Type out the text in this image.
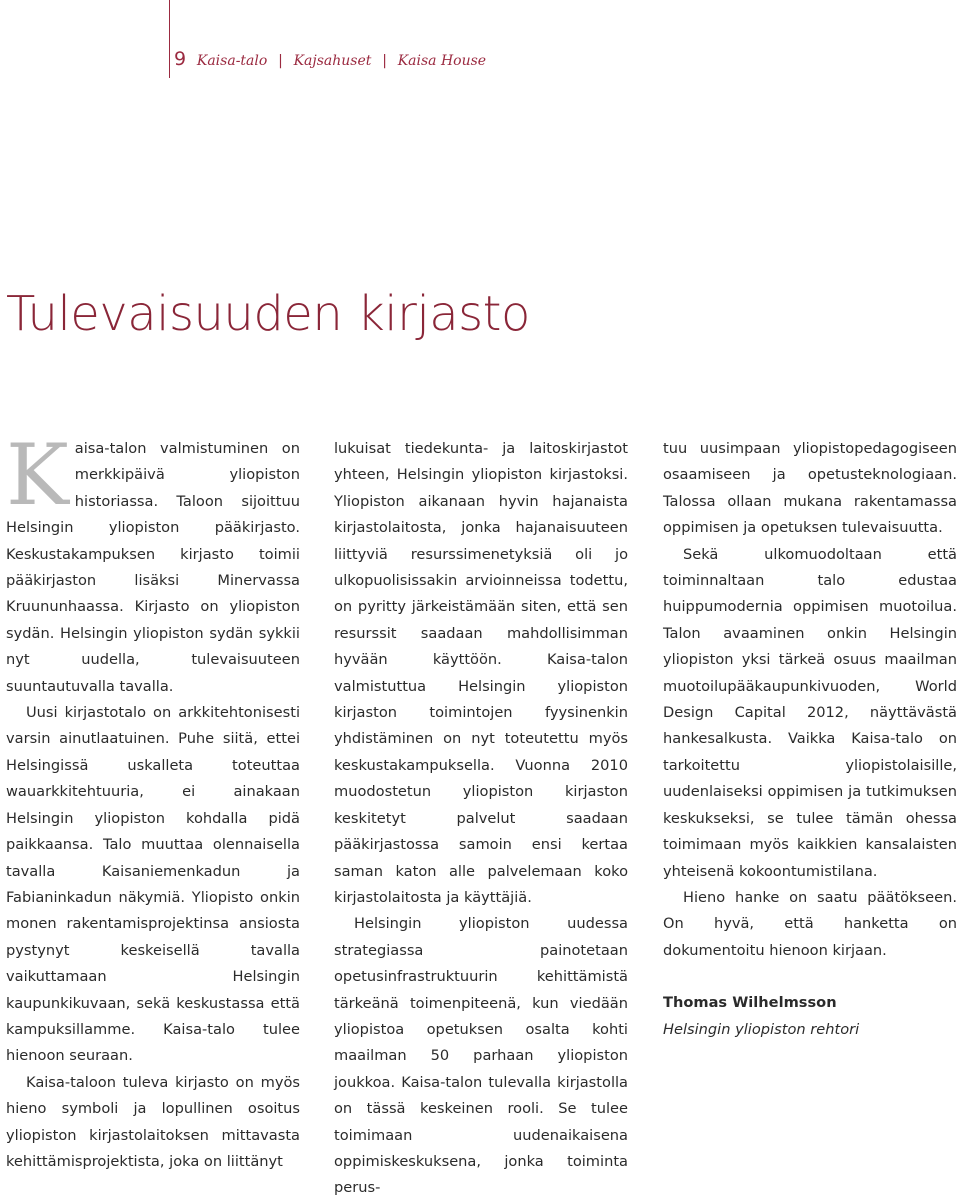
9 Kaisa-talo | Kajsahuset | Kaisa House
Tulevaisuuden kirjasto

Kaisa-talon valmistuminen on merkkipäivä yliopiston historiassa. Taloon sijoittuu Helsingin yliopiston pääkirjasto. Keskustakampuksen kirjasto toimii pääkirjaston lisäksi Minervassa Kruununhaassa. Kirjasto on yliopiston sydän. Helsingin yliopiston sydän sykkii nyt uudella, tulevaisuuteen suuntautuvalla tavalla.

Uusi kirjastotalo on arkkitehtonisesti varsin ainutlaatuinen. Puhe siitä, ettei Helsingissä uskalleta toteuttaa wauarkkitehtuuria, ei ainakaan Helsingin yliopiston kohdalla pidä paikkaansa. Talo muuttaa olennaisella tavalla Kaisaniemenkadun ja Fabianinkadun näkymiä. Yliopisto onkin monen rakentamisprojektinsa ansiosta pystynyt keskeisellä tavalla vaikuttamaan Helsingin kaupunkikuvaan, sekä keskustassa että kampuksillamme. Kaisa-talo tulee hienoon seuraan.

Kaisa-taloon tuleva kirjasto on myös hieno symboli ja lopullinen osoitus yliopiston kirjastolaitoksen mittavasta kehittämisprojektista, joka on liittänyt

lukuisat tiedekunta- ja laitoskirjastot yhteen, Helsingin yliopiston kirjastoksi. Yliopiston aikanaan hyvin hajanaista kirjastolaitosta, jonka hajanaisuuteen liittyviä resurssimenetyksiä oli jo ulkopuolisissakin arvioinneissa todettu, on pyritty järkeistämään siten, että sen resurssit saadaan mahdollisimman hyvään käyttöön. Kaisa-talon valmistuttua Helsingin yliopiston kirjaston toimintojen fyysinenkin yhdistäminen on nyt toteutettu myös keskustakampuksella. Vuonna 2010 muodostetun yliopiston kirjaston keskitetyt palvelut saadaan pääkirjastossa samoin ensi kertaa saman katon alle palvelemaan koko kirjastolaitosta ja käyttäjiä.

Helsingin yliopiston uudessa strategiassa painotetaan opetusinfrastruktuurin kehittämistä tärkeänä toimenpiteenä, kun viedään yliopistoa opetuksen osalta kohti maailman 50 parhaan yliopiston joukkoa. Kaisa-talon tulevalla kirjastolla on tässä keskeinen rooli. Se tulee toimimaan uudenaikaisena oppimiskeskuksena, jonka toiminta perus-

tuu uusimpaan yliopistopedagogiseen osaamiseen ja opetusteknologiaan. Talossa ollaan mukana rakentamassa oppimisen ja opetuksen tulevaisuutta.

Sekä ulkomuodoltaan että toiminnaltaan talo edustaa huippumodernia oppimisen muotoilua. Talon avaaminen onkin Helsingin yliopiston yksi tärkeä osuus maailman muotoilupääkaupunkivuoden, World Design Capital 2012, näyttävästä hankesalkusta. Vaikka Kaisa-talo on tarkoitettu yliopistolaisille, uudenlaiseksi oppimisen ja tutkimuksen keskukseksi, se tulee tämän ohessa toimimaan myös kaikkien kansalaisten yhteisenä kokoontumistilana.

Hieno hanke on saatu päätökseen. On hyvä, että hanketta on dokumentoitu hienoon kirjaan.

Thomas Wilhelmsson

Helsingin yliopiston rehtori
